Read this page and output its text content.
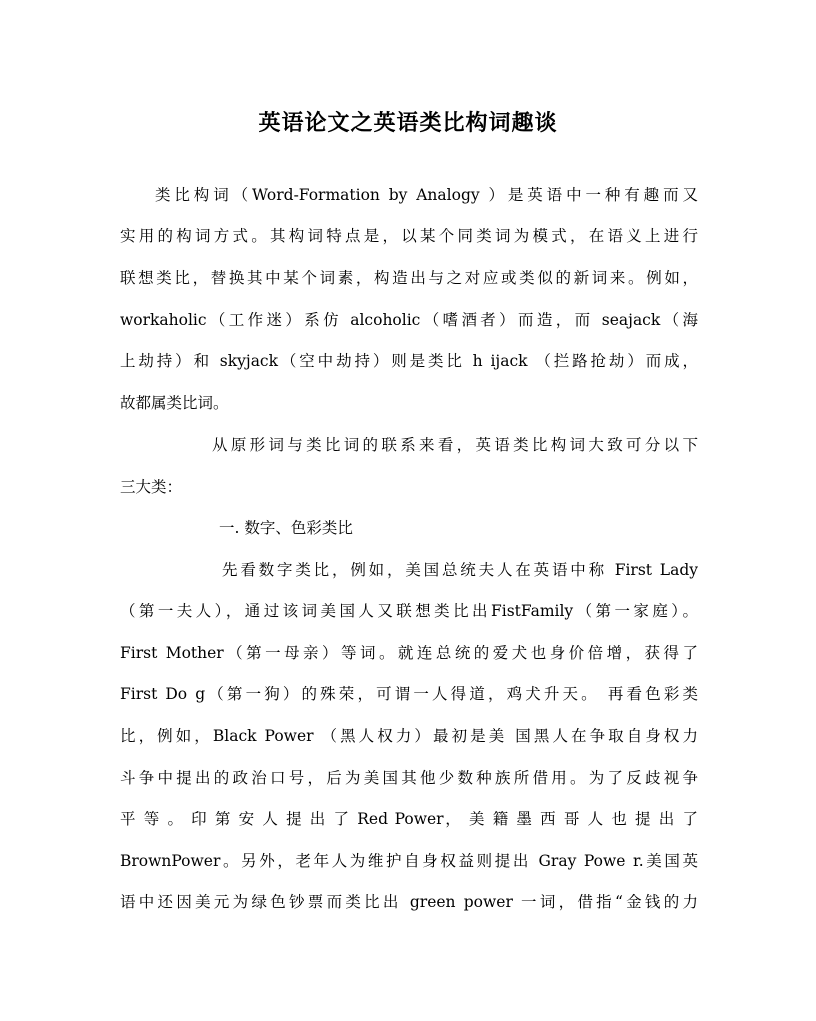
英语论文之英语类比构词趣谈
类比构词（Word-Formation by Analogy ）是英语中一种有趣而又
实用的构词方式。其构词特点是，以某个同类词为模式，在语义上进行
联想类比，替换其中某个词素，构造出与之对应或类似的新词来。例如，
workaholic（工作迷）系仿 alcoholic（嗜酒者）而造，而 seajack（海
上劫持）和 skyjack（空中劫持）则是类比 h ijack （拦路抢劫）而成，
故都属类比词。
从原形词与类比词的联系来看，英语类比构词大致可分以下
三大类：
一. 数字、色彩类比
先看数字类比，例如，美国总统夫人在英语中称 First Lady
（第一夫人），通过该词美国人又联想类比出FistFamily（第一家庭）。
First Mother（第一母亲）等词。就连总统的爱犬也身价倍增，获得了
First Do g（第一狗）的殊荣，可谓一人得道，鸡犬升天。 再看色彩类
比，例如，Black Power （黑人权力）最初是美 国黑人在争取自身权力
斗争中提出的政治口号，后为美国其他少数种族所借用。为了反歧视争
平 等 。 印 第 安 人 提 出 了 Red Power， 美 籍 墨 西 哥 人 也 提 出 了
BrownPower。另外，老年人为维护自身权益则提出 Gray Powe r.美国英
语中还因美元为绿色钞票而类比出 green power 一词，借指“金钱的力
